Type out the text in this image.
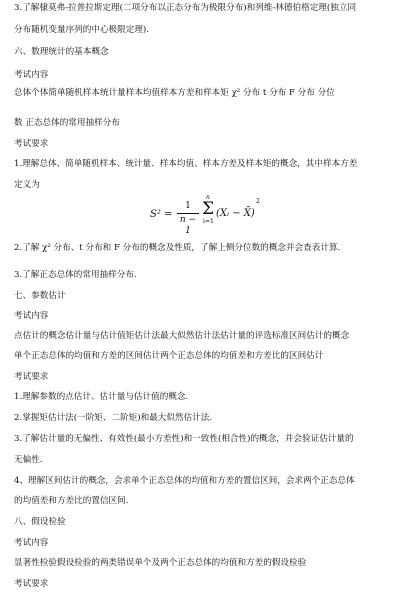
3.了解棣莫弗-拉普拉斯定理(二项分布以正态分布为极限分布)和列维-林德伯格定理(独立同
分布随机变量序列的中心极限定理).
六、数理统计的基本概念
考试内容
总体个体简单随机样本统计量样本均值样本方差和样本矩 χ² 分布 t 分布 F 分布 分位
数 正态总体的常用抽样分布
考试要求
1.理解总体、简单随机样本、统计量、样本均值、样本方差及样本矩的概念，其中样本方差
定义为
S² =
1
n − 1
n
Σ
i=1
(Xᵢ − X̄)
2
2.了解 χ² 分布、t 分布和 F 分布的概念及性质，了解上侧分位数的概念并会查表计算.
3.了解正态总体的常用抽样分布.
七、参数估计
考试内容
点估计的概念估计量与估计值矩估计法最大似然估计法估计量的评选标准区间估计的概念
单个正态总体的均值和方差的区间估计两个正态总体的均值差和方差比的区间估计
考试要求
1.理解参数的点估计、估计量与估计值的概念.
2.掌握矩估计法(一阶矩、二阶矩)和最大似然估计法.
3.了解估计量的无偏性、有效性(最小方差性)和一致性(相合性)的概念，并会验证估计量的
无偏性.
4、理解区间估计的概念，会求单个正态总体的均值和方差的置信区间，会求两个正态总体
的均值差和方差比的置信区间.
八、假设检验
考试内容
显著性检验假设检验的两类错误单个及两个正态总体的均值和方差的假设检验
考试要求
